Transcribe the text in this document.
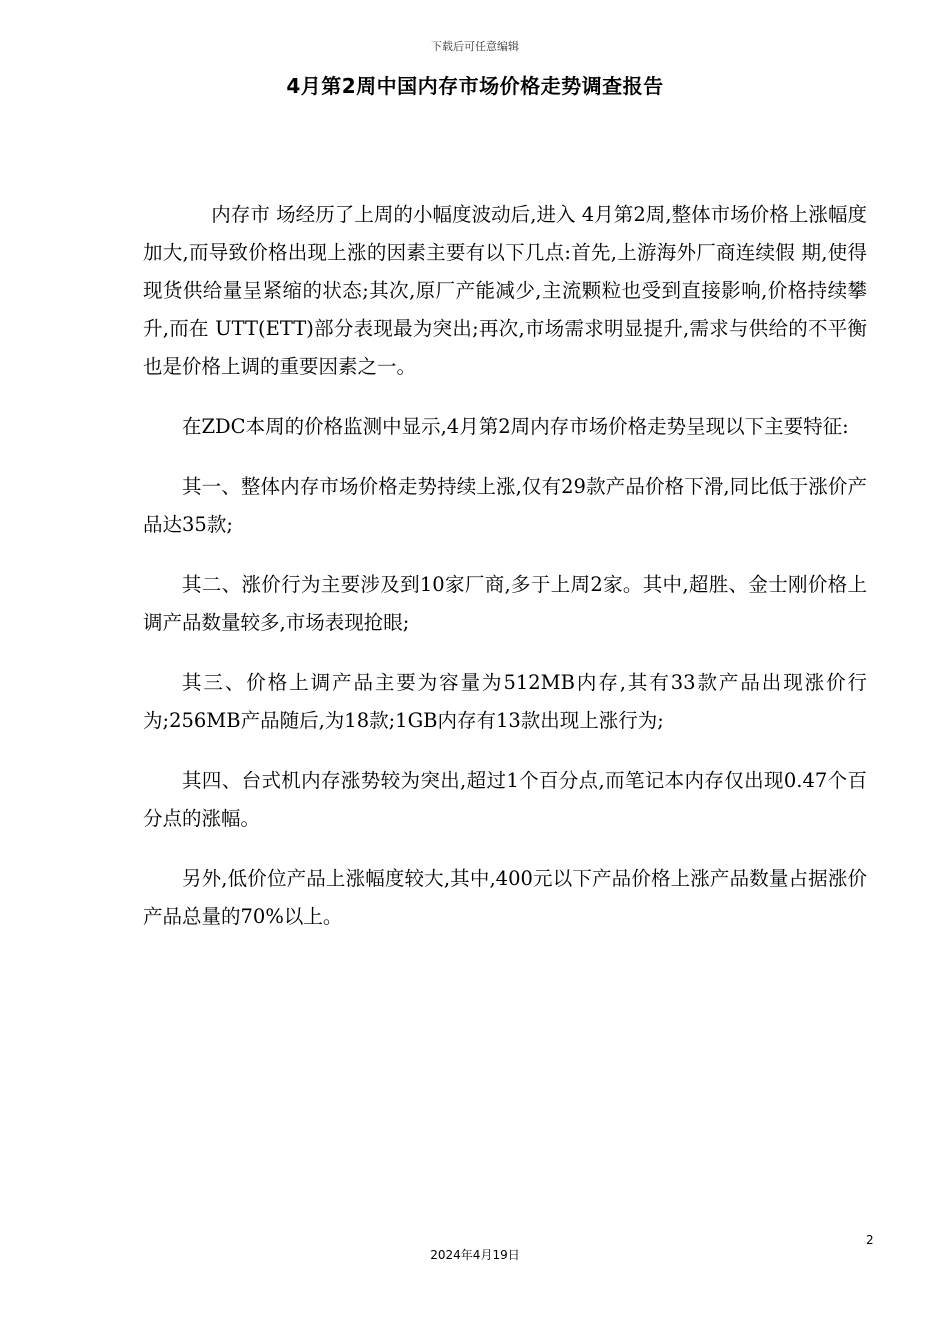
下载后可任意编辑
4月第2周中国内存市场价格走势调查报告

内存市 场经历了上周的小幅度波动后,进入 4月第2周,整体市场价格上涨幅度加大,而导致价格出现上涨的因素主要有以下几点:首先,上游海外厂商连续假 期,使得现货供给量呈紧缩的状态;其次,原厂产能减少,主流颗粒也受到直接影响,价格持续攀升,而在 UTT(ETT)部分表现最为突出;再次,市场需求明显提升,需求与供给的不平衡也是价格上调的重要因素之一。

在ZDC本周的价格监测中显示,4月第2周内存市场价格走势呈现以下主要特征:

其一、整体内存市场价格走势持续上涨,仅有29款产品价格下滑,同比低于涨价产品达35款;

其二、涨价行为主要涉及到10家厂商,多于上周2家。其中,超胜、金士刚价格上调产品数量较多,市场表现抢眼;

其三、价格上调产品主要为容量为512MB内存,其有33款产品出现涨价行为;256MB产品随后,为18款;1GB内存有13款出现上涨行为;

其四、台式机内存涨势较为突出,超过1个百分点,而笔记本内存仅出现0.47个百分点的涨幅。

另外,低价位产品上涨幅度较大,其中,400元以下产品价格上涨产品数量占据涨价产品总量的70%以上。

2
2024年4月19日
